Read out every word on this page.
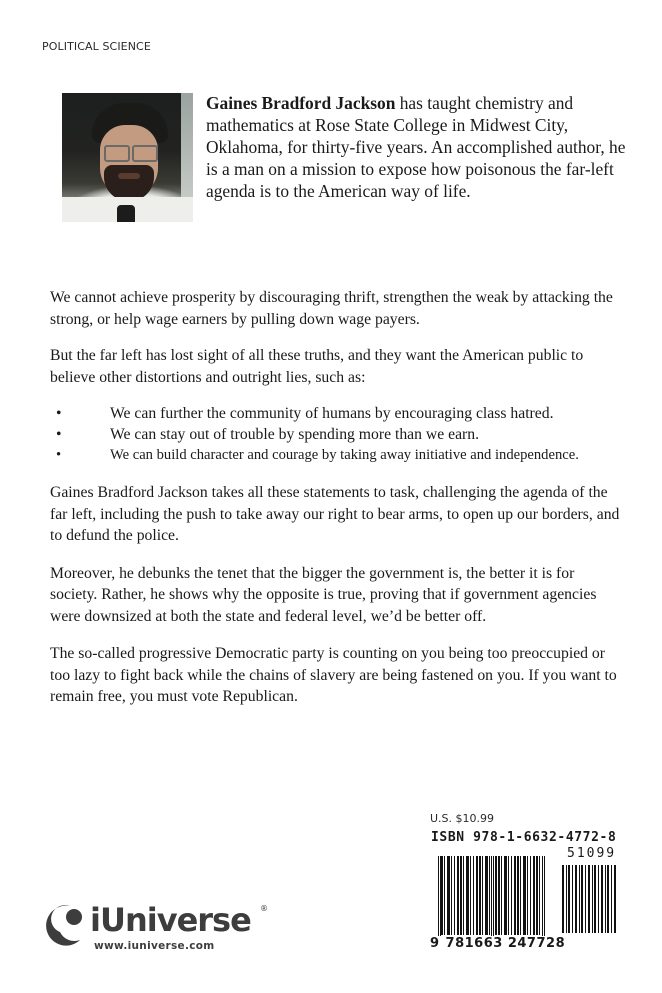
POLITICAL SCIENCE
Gaines Bradford Jackson has taught chemistry and mathematics at Rose State College in Midwest City, Oklahoma, for thirty-five years. An accomplished author, he is a man on a mission to expose how poisonous the far-left agenda is to the American way of life.

We cannot achieve prosperity by discouraging thrift, strengthen the weak by attacking the strong, or help wage earners by pulling down wage payers.

But the far left has lost sight of all these truths, and they want the American public to believe other distortions and outright lies, such as:

•	We can further the community of humans by encouraging class hatred.
•	We can stay out of trouble by spending more than we earn.
•	We can build character and courage by taking away initiative and independence.

Gaines Bradford Jackson takes all these statements to task, challenging the agenda of the far left, including the push to take away our right to bear arms, to open up our borders, and to defund the police.

Moreover, he debunks the tenet that the bigger the government is, the better it is for society. Rather, he shows why the opposite is true, proving that if government agencies were downsized at both the state and federal level, we’d be better off.

The so-called progressive Democratic party is counting on you being too preoccupied or too lazy to fight back while the chains of slavery are being fastened on you. If you want to remain free, you must vote Republican.

U.S. $10.99
ISBN 978-1-6632-4772-8
51099
9 781663 247728
iUniverse ®
www.iuniverse.com
